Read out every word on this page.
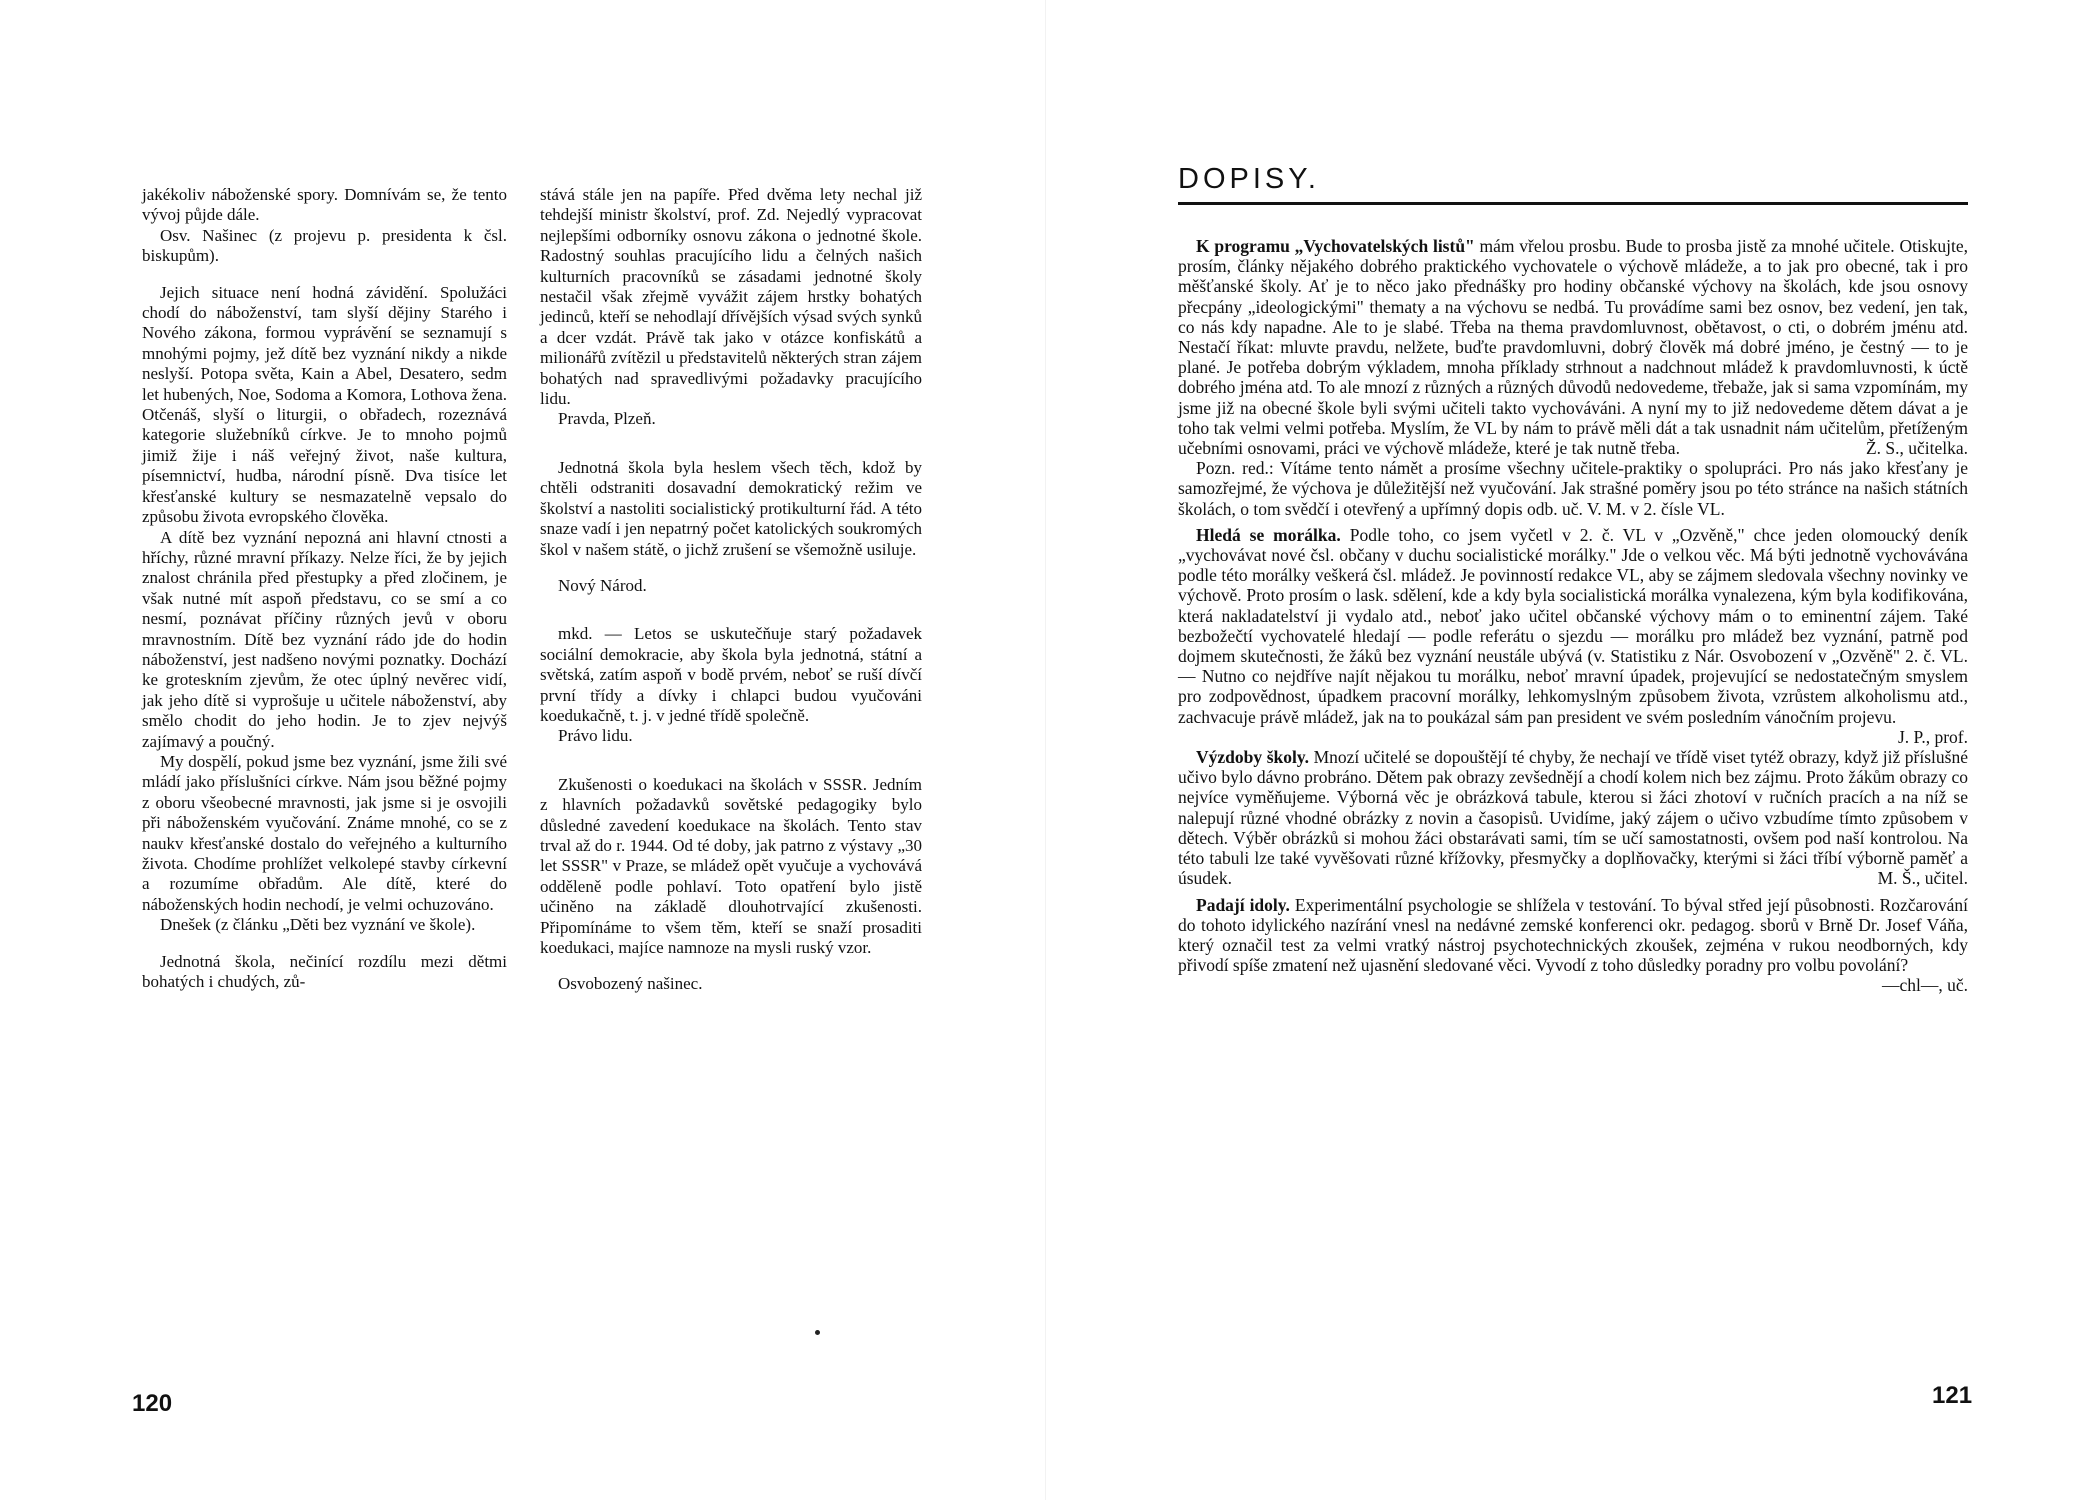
jakékoliv náboženské spory. Domnívám se, že tento vývoj půjde dále.

Osv. Našinec (z projevu p. presidenta k čsl. biskupům).

Jejich situace není hodná závidění. Spolužáci chodí do náboženství, tam slyší dějiny Starého i Nového zákona, formou vyprávění se seznamují s mnohými pojmy, jež dítě bez vyznání nikdy a nikde neslyší. Potopa světa, Kain a Abel, Desatero, sedm let hubených, Noe, Sodoma a Komora, Lothova žena. Otčenáš, slyší o liturgii, o obřadech, rozeznává kategorie služebníků církve. Je to mnoho pojmů jimiž žije i náš veřejný život, naše kultura, písemnictví, hudba, národní písně. Dva tisíce let křesťanské kultury se nesmazatelně vepsalo do způsobu života evropského člověka.

A dítě bez vyznání nepozná ani hlavní ctnosti a hříchy, různé mravní příkazy. Nelze říci, že by jejich znalost chránila před přestupky a před zločinem, je však nutné mít aspoň představu, co se smí a co nesmí, poznávat příčiny různých jevů v oboru mravnostním. Dítě bez vyznání rádo jde do hodin náboženství, jest nadšeno novými poznatky. Dochází ke groteskním zjevům, že otec úplný nevěrec vidí, jak jeho dítě si vyprošuje u učitele náboženství, aby smělo chodit do jeho hodin. Je to zjev nejvýš zajímavý a poučný.

My dospělí, pokud jsme bez vyznání, jsme žili své mládí jako příslušníci církve. Nám jsou běžné pojmy z oboru všeobecné mravnosti, jak jsme si je osvojili při náboženském vyučování. Známe mnohé, co se z naukv křesťanské dostalo do veřejného a kulturního života. Chodíme prohlížet velkolepé stavby církevní a rozumíme obřadům. Ale dítě, které do náboženských hodin nechodí, je velmi ochuzováno.

Dnešek (z článku „Děti bez vyznání ve škole).

Jednotná škola, nečinící rozdílu mezi dětmi bohatých i chudých, zů-

stává stále jen na papíře. Před dvěma lety nechal již tehdejší ministr školství, prof. Zd. Nejedlý vypracovat nejlepšími odborníky osnovu zákona o jednotné škole. Radostný souhlas pracujícího lidu a čelných našich kulturních pracovníků se zásadami jednotné školy nestačil však zřejmě vyvážit zájem hrstky bohatých jedinců, kteří se nehodlají dřívějších výsad svých synků a dcer vzdát. Právě tak jako v otázce konfiskátů a milionářů zvítězil u představitelů některých stran zájem bohatých nad spravedlivými požadavky pracujícího lidu.

Pravda, Plzeň.

Jednotná škola byla heslem všech těch, kdož by chtěli odstraniti dosavadní demokratický režim ve školství a nastoliti socialistický protikulturní řád. A této snaze vadí i jen nepatrný počet katolických soukromých škol v našem státě, o jichž zrušení se všemožně usiluje.

Nový Národ.

mkd. — Letos se uskutečňuje starý požadavek sociální demokracie, aby škola byla jednotná, státní a světská, zatím aspoň v bodě prvém, neboť se ruší dívčí první třídy a dívky i chlapci budou vyučováni koedukačně, t. j. v jedné třídě společně.

Právo lidu.

Zkušenosti o koedukaci na školách v SSSR. Jedním z hlavních požadavků sovětské pedagogiky bylo důsledné zavedení koedukace na školách. Tento stav trval až do r. 1944. Od té doby, jak patrno z výstavy „30 let SSSR" v Praze, se mládež opět vyučuje a vychovává odděleně podle pohlaví. Toto opatření bylo jistě učiněno na základě dlouhotrvající zkušenosti. Připomínáme to všem těm, kteří se snaží prosaditi koedukaci, majíce namnoze na mysli ruský vzor.

Osvobozený našinec.

120
DOPISY.

K programu „Vychovatelských listů" mám vřelou prosbu. Bude to prosba jistě za mnohé učitele. Otiskujte, prosím, články nějakého dobrého praktického vychovatele o výchově mládeže, a to jak pro obecné, tak i pro měšťanské školy. Ať je to něco jako přednášky pro hodiny občanské výchovy na školách, kde jsou osnovy přecpány „ideologickými" thematy a na výchovu se nedbá. Tu provádíme sami bez osnov, bez vedení, jen tak, co nás kdy napadne. Ale to je slabé. Třeba na thema pravdomluvnost, obětavost, o cti, o dobrém jménu atd. Nestačí říkat: mluvte pravdu, nelžete, buďte pravdomluvni, dobrý člověk má dobré jméno, je čestný — to je plané. Je potřeba dobrým výkladem, mnoha příklady strhnout a nadchnout mládež k pravdomluvnosti, k úctě dobrého jména atd. To ale mnozí z různých a různých důvodů nedovedeme, třebaže, jak si sama vzpomínám, my jsme již na obecné škole byli svými učiteli takto vychováváni. A nyní my to již nedovedeme dětem dávat a je toho tak velmi velmi potřeba. Myslím, že VL by nám to právě měli dát a tak usnadnit nám učitelům, přetíženým učebními osnovami, práci ve výchově mládeže, které je tak nutně třeba.	Ž. S., učitelka.

Pozn. red.: Vítáme tento námět a prosíme všechny učitele-praktiky o spolupráci. Pro nás jako křesťany je samozřejmé, že výchova je důležitější než vyučování. Jak strašné poměry jsou po této stránce na našich státních školách, o tom svědčí i otevřený a upřímný dopis odb. uč. V. M. v 2. čísle VL.

Hledá se morálka. Podle toho, co jsem vyčetl v 2. č. VL v „Ozvěně," chce jeden olomoucký deník „vychovávat nové čsl. občany v duchu socialistické morálky." Jde o velkou věc. Má býti jednotně vychovávána podle této morálky veškerá čsl. mládež. Je povinností redakce VL, aby se zájmem sledovala všechny novinky ve výchově. Proto prosím o lask. sdělení, kde a kdy byla socialistická morálka vynalezena, kým byla kodifikována, která nakladatelství ji vydalo atd., neboť jako učitel občanské výchovy mám o to eminentní zájem. Také bezbožečtí vychovatelé hledají — podle referátu o sjezdu — morálku pro mládež bez vyznání, patrně pod dojmem skutečnosti, že žáků bez vyznání neustále ubývá (v. Statistiku z Nár. Osvobození v „Ozvěně" 2. č. VL. — Nutno co nejdříve najít nějakou tu morálku, neboť mravní úpadek, projevující se nedostatečným smyslem pro zodpovědnost, úpadkem pracovní morálky, lehkomyslným způsobem života, vzrůstem alkoholismu atd., zachvacuje právě mládež, jak na to poukázal sám pan president ve svém posledním vánočním projevu.
J. P., prof.

Výzdoby školy. Mnozí učitelé se dopouštějí té chyby, že nechají ve třídě viset tytéž obrazy, když již příslušné učivo bylo dávno probráno. Dětem pak obrazy zevšednějí a chodí kolem nich bez zájmu. Proto žákům obrazy co nejvíce vyměňujeme. Výborná věc je obrázková tabule, kterou si žáci zhotoví v ručních pracích a na níž se nalepují různé vhodné obrázky z novin a časopisů. Uvidíme, jaký zájem o učivo vzbudíme tímto způsobem v dětech. Výběr obrázků si mohou žáci obstarávati sami, tím se učí samostatnosti, ovšem pod naší kontrolou. Na této tabuli lze také vyvěšovati různé křížovky, přesmyčky a doplňovačky, kterými si žáci tříbí výborně paměť a úsudek.	M. Š., učitel.

Padají idoly. Experimentální psychologie se shlížela v testování. To býval střed její působnosti. Rozčarování do tohoto idylického nazírání vnesl na nedávné zemské konferenci okr. pedagog. sborů v Brně Dr. Josef Váňa, který označil test za velmi vratký nástroj psychotechnických zkoušek, zejména v rukou neodborných, kdy přivodí spíše zmatení než ujasnění sledované věci. Vyvodí z toho důsledky poradny pro volbu povolání?
—chl—, uč.

121
